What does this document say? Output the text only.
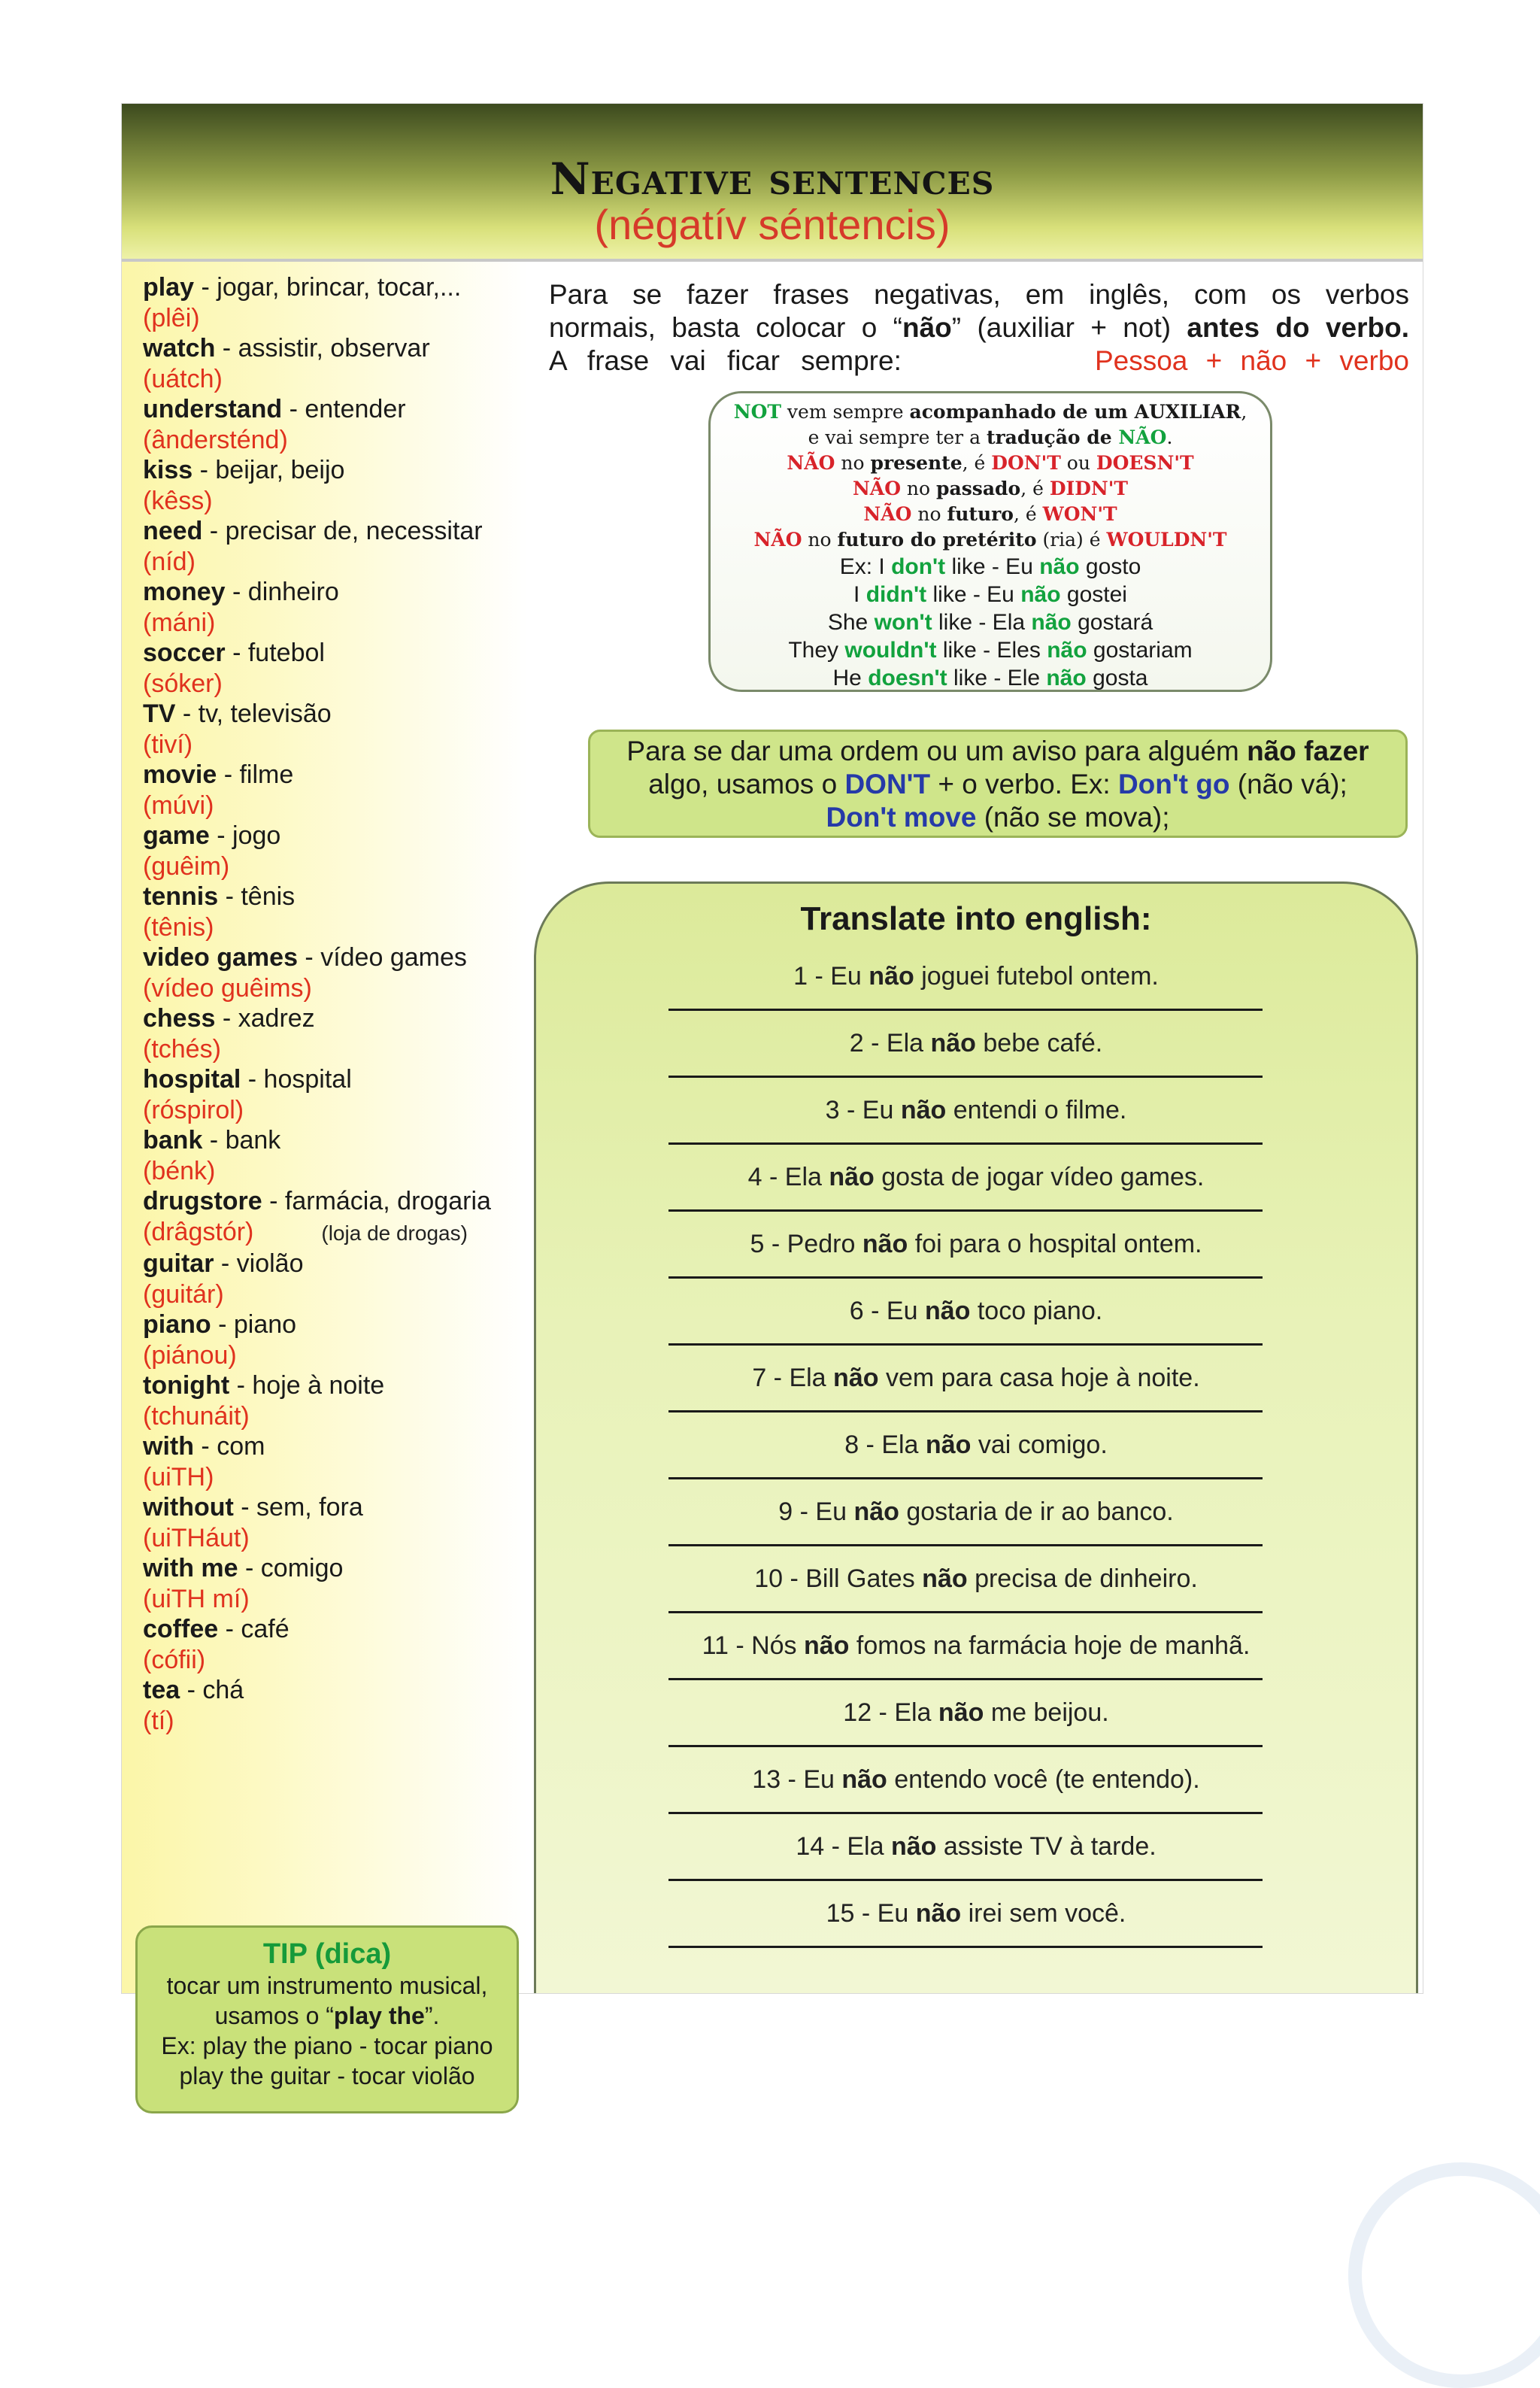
Negative sentences
(négatív séntencis)
play - jogar, brincar, tocar,...
(plêi)
watch - assistir, observar
(uátch)
understand - entender
(ândersténd)
kiss - beijar, beijo
(kêss)
need - precisar de, necessitar
(níd)
money - dinheiro
(máni)
soccer - futebol
(sóker)
TV - tv, televisão
(tiví)
movie - filme
(múvi)
game - jogo
(guêim)
tennis - tênis
(tênis)
video games - vídeo games
(vídeo guêims)
chess - xadrez
(tchés)
hospital - hospital
(róspirol)
bank - bank
(bénk)
drugstore - farmácia, drogaria
(drâgstór)	(loja de drogas)
guitar - violão
(guitár)
piano - piano
(piánou)
tonight - hoje à noite
(tchunáit)
with - com
(uiTH)
without - sem, fora
(uiTHáut)
with me - comigo
(uiTH mí)
coffee - café
(cófii)
tea - chá
(tí)
TIP (dica)
tocar um instrumento musical,
usamos o “play the”.
Ex: play the piano - tocar piano
play the guitar - tocar violão
Para se fazer frases negativas, em inglês, com os verbos
normais, basta colocar o “não” (auxiliar + not) antes do verbo.
A frase vai ficar sempre:	Pessoa + não + verbo
NOT vem sempre acompanhado de um AUXILIAR,
e vai sempre ter a tradução de NÃO.
NÃO no presente, é DON'T ou DOESN'T
NÃO no passado, é DIDN'T
NÃO no futuro, é WON'T
NÃO no futuro do pretérito (ria) é WOULDN'T
Ex: I don't like - Eu não gosto
I didn't like - Eu não gostei
She won't like - Ela não gostará
They wouldn't like - Eles não gostariam
He doesn't like - Ele não gosta
Para se dar uma ordem ou um aviso para alguém não fazer
algo, usamos o DON'T + o verbo. Ex: Don't go (não vá);
Don't move (não se mova);
Translate into english:
1 - Eu não joguei futebol ontem.
2 - Ela não bebe café.
3 - Eu não entendi o filme.
4 - Ela não gosta de jogar vídeo games.
5 - Pedro não foi para o hospital ontem.
6 - Eu não toco piano.
7 - Ela não vem para casa hoje à noite.
8 - Ela não vai comigo.
9 - Eu não gostaria de ir ao banco.
10 - Bill Gates não precisa de dinheiro.
11 - Nós não fomos na farmácia hoje de manhã.
12 - Ela não me beijou.
13 - Eu não entendo você (te entendo).
14 - Ela não assiste TV à tarde.
15 - Eu não irei sem você.
